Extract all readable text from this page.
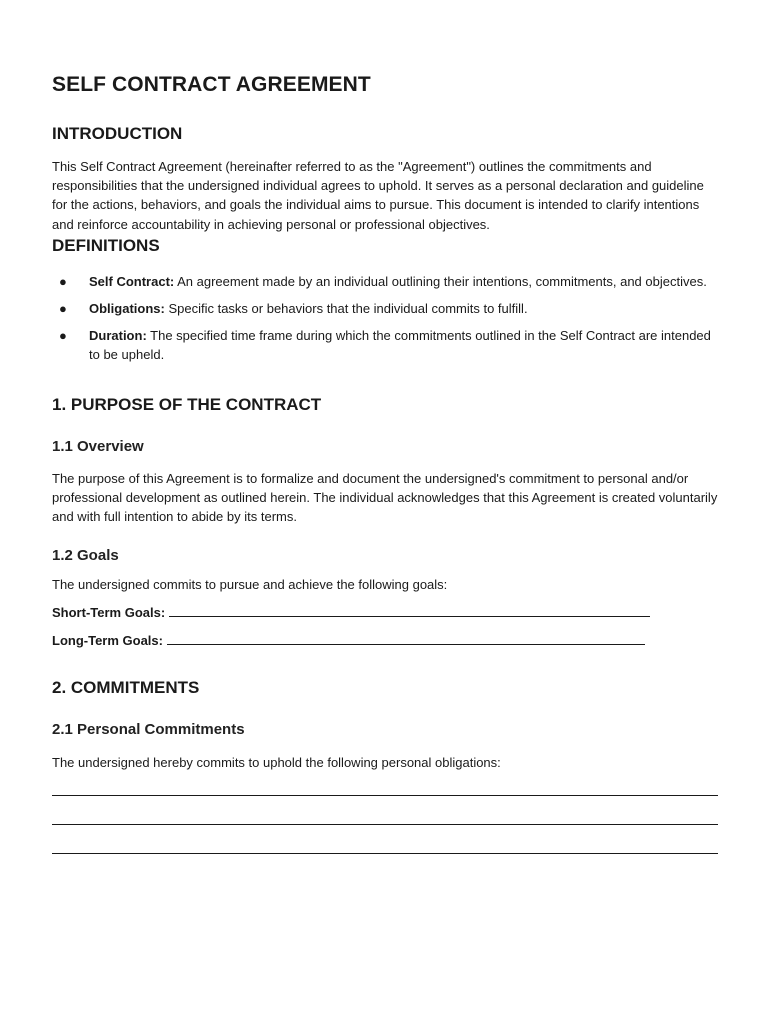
SELF CONTRACT AGREEMENT
INTRODUCTION

This Self Contract Agreement (hereinafter referred to as the "Agreement") outlines the commitments and responsibilities that the undersigned individual agrees to uphold. It serves as a personal declaration and guideline for the actions, behaviors, and goals the individual aims to pursue. This document is intended to clarify intentions and reinforce accountability in achieving personal or professional objectives.

DEFINITIONS
● Self Contract: An agreement made by an individual outlining their intentions, commitments, and objectives.
● Obligations: Specific tasks or behaviors that the individual commits to fulfill.
● Duration: The specified time frame during which the commitments outlined in the Self Contract are intended to be upheld.
1. PURPOSE OF THE CONTRACT
1.1 Overview

The purpose of this Agreement is to formalize and document the undersigned's commitment to personal and/or professional development as outlined herein. The individual acknowledges that this Agreement is created voluntarily and with full intention to abide by its terms.

1.2 Goals

The undersigned commits to pursue and achieve the following goals:

Short-Term Goals:
Long-Term Goals:
2. COMMITMENTS
2.1 Personal Commitments

The undersigned hereby commits to uphold the following personal obligations:
